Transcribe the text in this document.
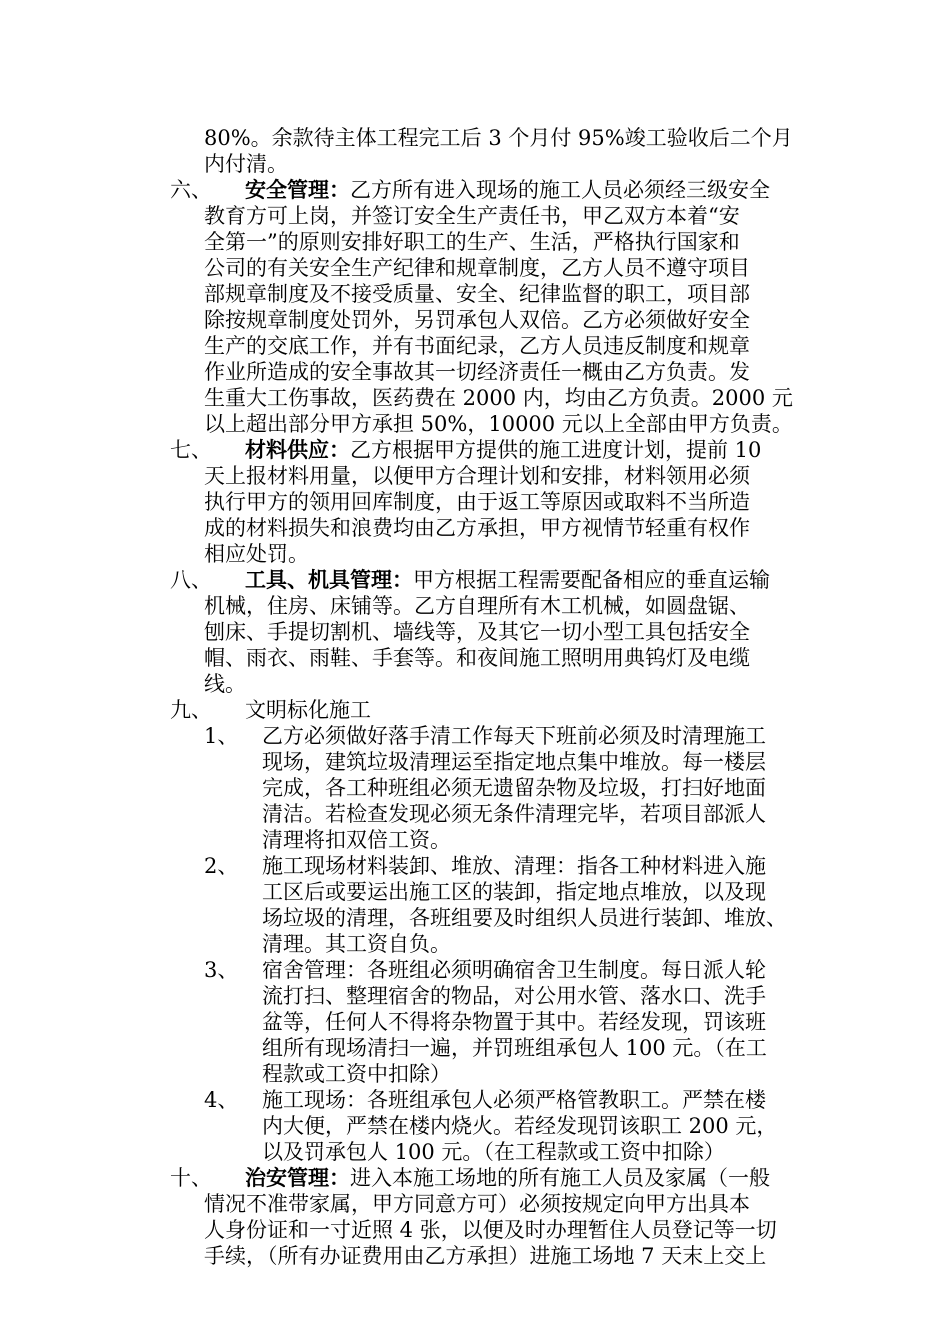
80%。余款待主体工程完工后 3 个月付 95%竣工验收后二个月
内付清。
六、 安全管理：乙方所有进入现场的施工人员必须经三级安全
教育方可上岗，并签订安全生产责任书，甲乙双方本着“安
全第一”的原则安排好职工的生产、生活，严格执行国家和
公司的有关安全生产纪律和规章制度，乙方人员不遵守项目
部规章制度及不接受质量、安全、纪律监督的职工，项目部
除按规章制度处罚外，另罚承包人双倍。乙方必须做好安全
生产的交底工作，并有书面纪录，乙方人员违反制度和规章
作业所造成的安全事故其一切经济责任一概由乙方负责。发
生重大工伤事故，医药费在 2000 内，均由乙方负责。2000 元
以上超出部分甲方承担 50%，10000 元以上全部由甲方负责。
七、 材料供应：乙方根据甲方提供的施工进度计划，提前 10
天上报材料用量，以便甲方合理计划和安排，材料领用必须
执行甲方的领用回库制度，由于返工等原因或取料不当所造
成的材料损失和浪费均由乙方承担，甲方视情节轻重有权作
相应处罚。
八、 工具、机具管理：甲方根据工程需要配备相应的垂直运输
机械，住房、床铺等。乙方自理所有木工机械，如圆盘锯、
刨床、手提切割机、墙线等，及其它一切小型工具包括安全
帽、雨衣、雨鞋、手套等。和夜间施工照明用典钨灯及电缆
线。
九、 文明标化施工
1、 乙方必须做好落手清工作每天下班前必须及时清理施工
现场，建筑垃圾清理运至指定地点集中堆放。每一楼层
完成，各工种班组必须无遗留杂物及垃圾，打扫好地面
清洁。若检查发现必须无条件清理完毕，若项目部派人
清理将扣双倍工资。
2、 施工现场材料装卸、堆放、清理：指各工种材料进入施
工区后或要运出施工区的装卸，指定地点堆放，以及现
场垃圾的清理，各班组要及时组织人员进行装卸、堆放、
清理。其工资自负。
3、 宿舍管理：各班组必须明确宿舍卫生制度。每日派人轮
流打扫、整理宿舍的物品，对公用水管、落水口、洗手
盆等，任何人不得将杂物置于其中。若经发现，罚该班
组所有现场清扫一遍，并罚班组承包人 100 元。（在工
程款或工资中扣除）
4、 施工现场：各班组承包人必须严格管教职工。严禁在楼
内大便，严禁在楼内烧火。若经发现罚该职工 200 元，
以及罚承包人 100 元。（在工程款或工资中扣除）
十、 治安管理：进入本施工场地的所有施工人员及家属（一般
情况不准带家属，甲方同意方可）必须按规定向甲方出具本
人身份证和一寸近照 4 张，以便及时办理暂住人员登记等一切
手续，（所有办证费用由乙方承担）进施工场地 7 天末上交上
